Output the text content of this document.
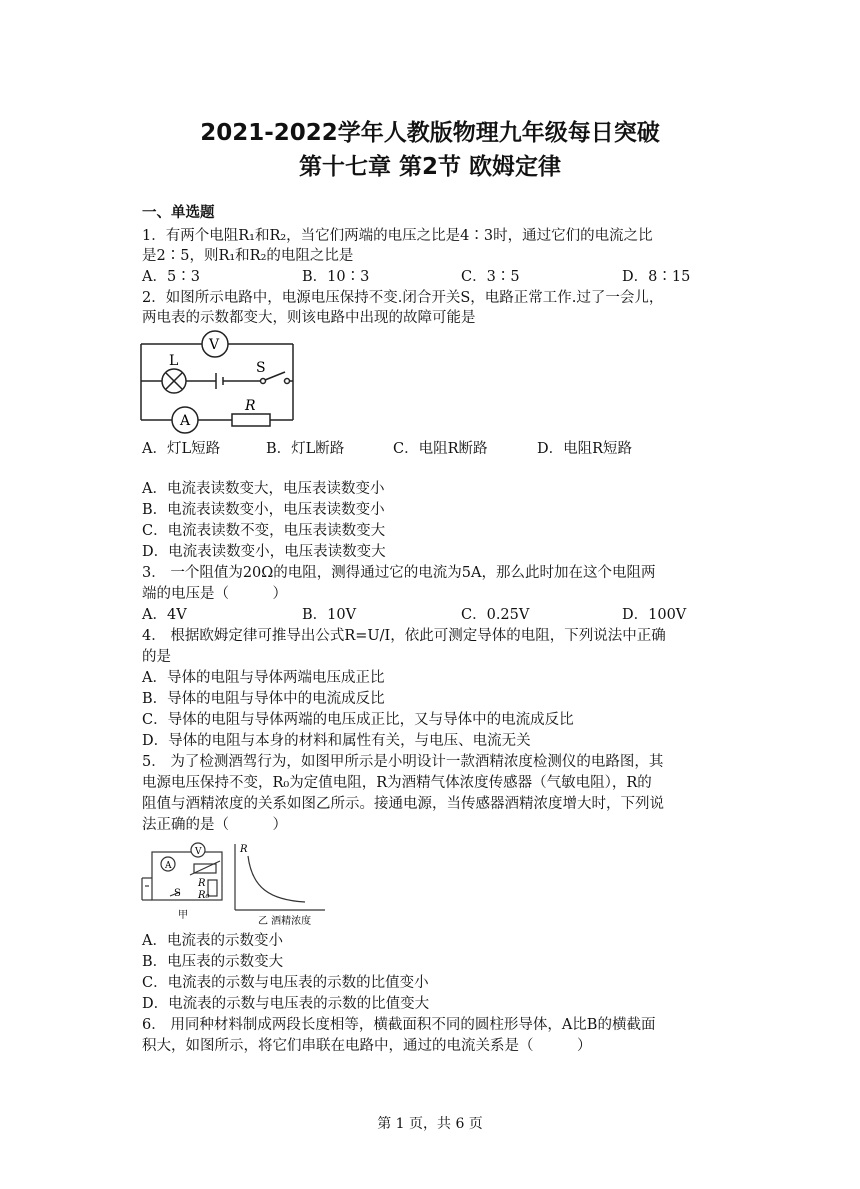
2021-2022学年人教版物理九年级每日突破
第十七章 第2节 欧姆定律
一、单选题
1．有两个电阻R₁和R₂，当它们两端的电压之比是4∶3时，通过它们的电流之比
是2∶5，则R₁和R₂的电阻之比是
A．5∶3	B．10∶3	C．3∶5	D．8∶15
2．如图所示电路中，电源电压保持不变.闭合开关S，电路正常工作.过了一会儿，
两电表的示数都变大，则该电路中出现的故障可能是
V
L	S
A
R
A．灯L短路	B．灯L断路	C．电阻R断路	D．电阻R短路
A．电流表读数变大，电压表读数变小
B．电流表读数变小，电压表读数变小
C．电流表读数不变，电压表读数变大
D．电流表读数变小，电压表读数变大
3． 一个阻值为20Ω的电阻，测得通过它的电流为5A，那么此时加在这个电阻两
端的电压是（　　　）
A．4V	B．10V	C．0.25V	D．100V
4． 根据欧姆定律可推导出公式R=U/I，依此可测定导体的电阻，下列说法中正确
的是
A．导体的电阻与导体两端电压成正比
B．导体的电阻与导体中的电流成反比
C．导体的电阻与导体两端的电压成正比，又与导体中的电流成反比
D．导体的电阻与本身的材料和属性有关，与电压、电流无关
5． 为了检测酒驾行为，如图甲所示是小明设计一款酒精浓度检测仪的电路图，其
电源电压保持不变，R₀为定值电阻，R为酒精气体浓度传感器（气敏电阻），R的
阻值与酒精浓度的关系如图乙所示。接通电源，当传感器酒精浓度增大时，下列说
法正确的是（　　　）
A
V
R
R₀
S
甲
R
乙 酒精浓度
A．电流表的示数变小
B．电压表的示数变大
C．电流表的示数与电压表的示数的比值变小
D．电流表的示数与电压表的示数的比值变大
6． 用同种材料制成两段长度相等，横截面积不同的圆柱形导体，A比B的横截面
积大，如图所示，将它们串联在电路中，通过的电流关系是（　　　）
第 1 页，共 6 页
